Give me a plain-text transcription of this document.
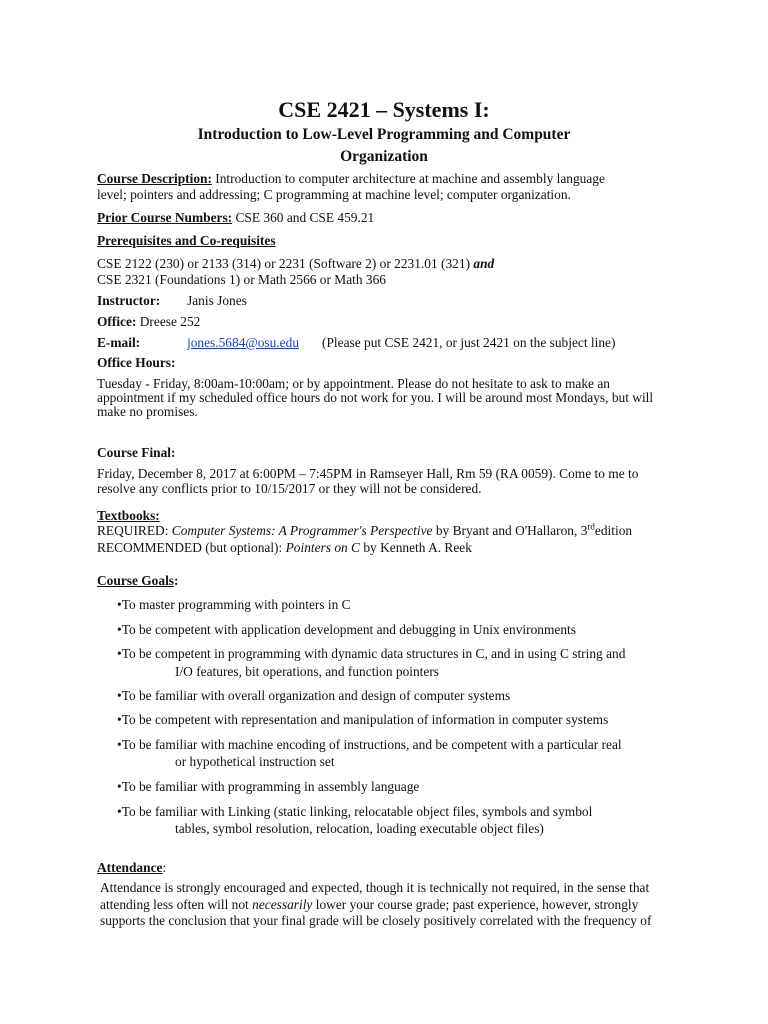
CSE 2421 – Systems I:
Introduction to Low-Level Programming and Computer
Organization
Course Description: Introduction to computer architecture at machine and assembly language
level; pointers and addressing; C programming at machine level; computer organization.
Prior Course Numbers: CSE 360 and CSE 459.21
Prerequisites and Co-requisites
CSE 2122 (230) or 2133 (314) or 2231 (Software 2) or 2231.01 (321) and
CSE 2321 (Foundations 1) or Math 2566 or Math 366
Instructor: Janis Jones
Office: Dreese 252
E-mail:	jones.5684@osu.edu (Please put CSE 2421, or just 2421 on the subject line)
Office Hours:
Tuesday - Friday, 8:00am-10:00am; or by appointment. Please do not hesitate to ask to make an
appointment if my scheduled office hours do not work for you. I will be around most Mondays, but will
make no promises.
Course Final:
Friday, December 8, 2017 at 6:00PM – 7:45PM in Ramseyer Hall, Rm 59 (RA 0059). Come to me to
resolve any conflicts prior to 10/15/2017 or they will not be considered.
Textbooks:
REQUIRED: Computer Systems: A Programmer's Perspective by Bryant and O'Hallaron, 3rdedition
RECOMMENDED (but optional): Pointers on C by Kenneth A. Reek
Course Goals:
•To master programming with pointers in C
•To be competent with application development and debugging in Unix environments
•To be competent in programming with dynamic data structures in C, and in using C string and
I/O features, bit operations, and function pointers
•To be familiar with overall organization and design of computer systems
•To be competent with representation and manipulation of information in computer systems
•To be familiar with machine encoding of instructions, and be competent with a particular real
or hypothetical instruction set
•To be familiar with programming in assembly language
•To be familiar with Linking (static linking, relocatable object files, symbols and symbol
tables, symbol resolution, relocation, loading executable object files)
Attendance:
Attendance is strongly encouraged and expected, though it is technically not required, in the sense that
attending less often will not necessarily lower your course grade; past experience, however, strongly
supports the conclusion that your final grade will be closely positively correlated with the frequency of
